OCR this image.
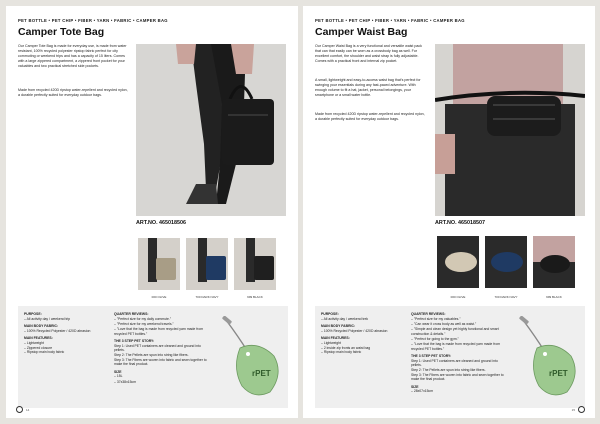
PET BOTTLE • PET CHIP • FIBER • YARN • FABRIC • CAMPER BAG
Camper Tote Bag
Our Camper Tote Bag is made for everyday use, is made from water resistant, 100% recycled polyester ripstop fabric perfect for city commuting or weekend trips and has a capacity of 15 liters. Comes with a large zippered compartment, a zippered front pocket for your valuables and two practical stretched side pockets.
Made from recycled 420D ripstop water-repellent and recycled nylon, a durable perfectly suited for everyday outdoor bags.
ART.NO. 465018506
000 OLIVE	700 DARK NAVY	999 BLACK
PURPOSE:
– All activity day / weekend trip
MAIN BODY FABRIC:
– 100% Recycled Polyester / 420D abrasion
MAIN FEATURES:
– Lightweight
– Zippered closure
– Ripstop main body fabric
QUARTER REVIEWS:
– "Perfect size for my daily commute."
– "Perfect size for my weekend travels."
– "Love that the bag is made from recycled yarn made from recycled PET bottles."
THE 3 STEP PET STORY:
Step 1: Used PET containers are cleaned and ground into pellets.
Step 2: The Pellets are spun into string like fibers.
Step 3: The Fibers are woven into fabric and sewn together to make the final product.
SIZE
– 15L
– 37x38x15cm
rPET
14
PET BOTTLE • PET CHIP • FIBER • YARN • FABRIC • CAMPER BAG
Camper Waist Bag
Our Camper Waist Bag is a very functional and versatile waist pack that can that easily can be worn as a crossbody bag as well. For excellent comfort, the shoulder and waist strap is fully adjustable. Comes with a practical front and internal zip pocket.
A small, lightweight and easy-to-access waist bag that's perfect for swinging your essentials during any fast-paced adventure. With enough volume to fit a hat, jacket, personal belongings, your smartphone or a small water bottle.
Made from recycled 420D ripstop water-repellent and recycled nylon, a durable perfectly suited for everyday outdoor bags.
ART.NO. 465018507
000 OLIVE	700 DARK NAVY	999 BLACK
PURPOSE:
– All activity day / weekend trek
MAIN BODY FABRIC:
– 100% Recycled Polyester / 420D abrasion
MAIN FEATURES:
– Lightweight
– 2 inside zip fronts an waist bag
– Ripstop main body fabric
QUARTER REVIEWS:
– "Perfect size for my valuables."
– "Can wear it cross body as well as waist."
– "Simple and clean design yet highly functional and smart construction & details."
– "Perfect for going to the gym."
– "Love that the bag is made from recycled yarn made from recycled PET bottles."
THE 3 STEP PET STORY:
Step 1: Used PET containers are cleaned and ground into pellets.
Step 2: The Pellets are spun into string like fibers.
Step 3: The Fibers are woven into fabric and sewn together to make the final product.
SIZE
– 28x07x15cm
rPET
15
